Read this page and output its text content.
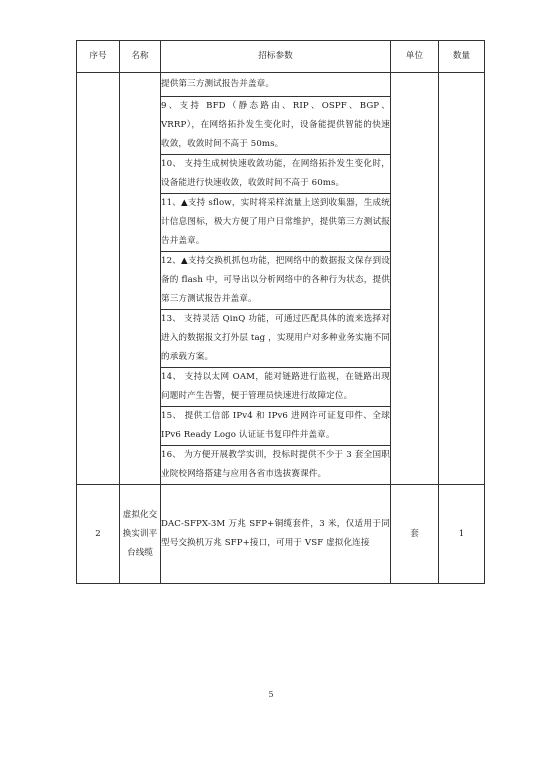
序号	名称	招标参数	单位	数量
		提供第三方测试报告并盖章。		
		9、支持 BFD（静态路由、RIP、OSPF、BGP、VRRP），在网络拓扑发生变化时，设备能提供智能的快速收敛，收敛时间不高于 50ms。		
		10、 支持生成树快速收敛功能，在网络拓扑发生变化时，设备能进行快速收敛，收敛时间不高于 60ms。		
		11、▲支持 sflow，实时将采样流量上送到收集器，生成统计信息图标，极大方便了用户日常维护，提供第三方测试报告并盖章。		
		12、▲支持交换机抓包功能，把网络中的数据报文保存到设备的 flash 中，可导出以分析网络中的各种行为状态，提供第三方测试报告并盖章。		
		13、 支持灵活 QinQ 功能，可通过匹配具体的流来选择对进入的数据报文打外层 tag ，实现用户对多种业务实施不同的承载方案。		
		14、 支持以太网 OAM，能对链路进行监视，在链路出现问题时产生告警，便于管理员快速进行故障定位。		
		15、 提供工信部 IPv4 和 IPv6 进网许可证复印件、全球 IPv6 Ready Logo 认证证书复印件并盖章。		
		16、 为方便开展教学实训，投标时提供不少于 3 套全国职业院校网络搭建与应用各省市选拔赛课件。		
2	虚拟化交换实训平台线缆	DAC-SFPX-3M 万兆 SFP+铜缆套件，3 米，仅适用于同型号交换机万兆 SFP+接口，可用于 VSF 虚拟化连接	套	1
5
